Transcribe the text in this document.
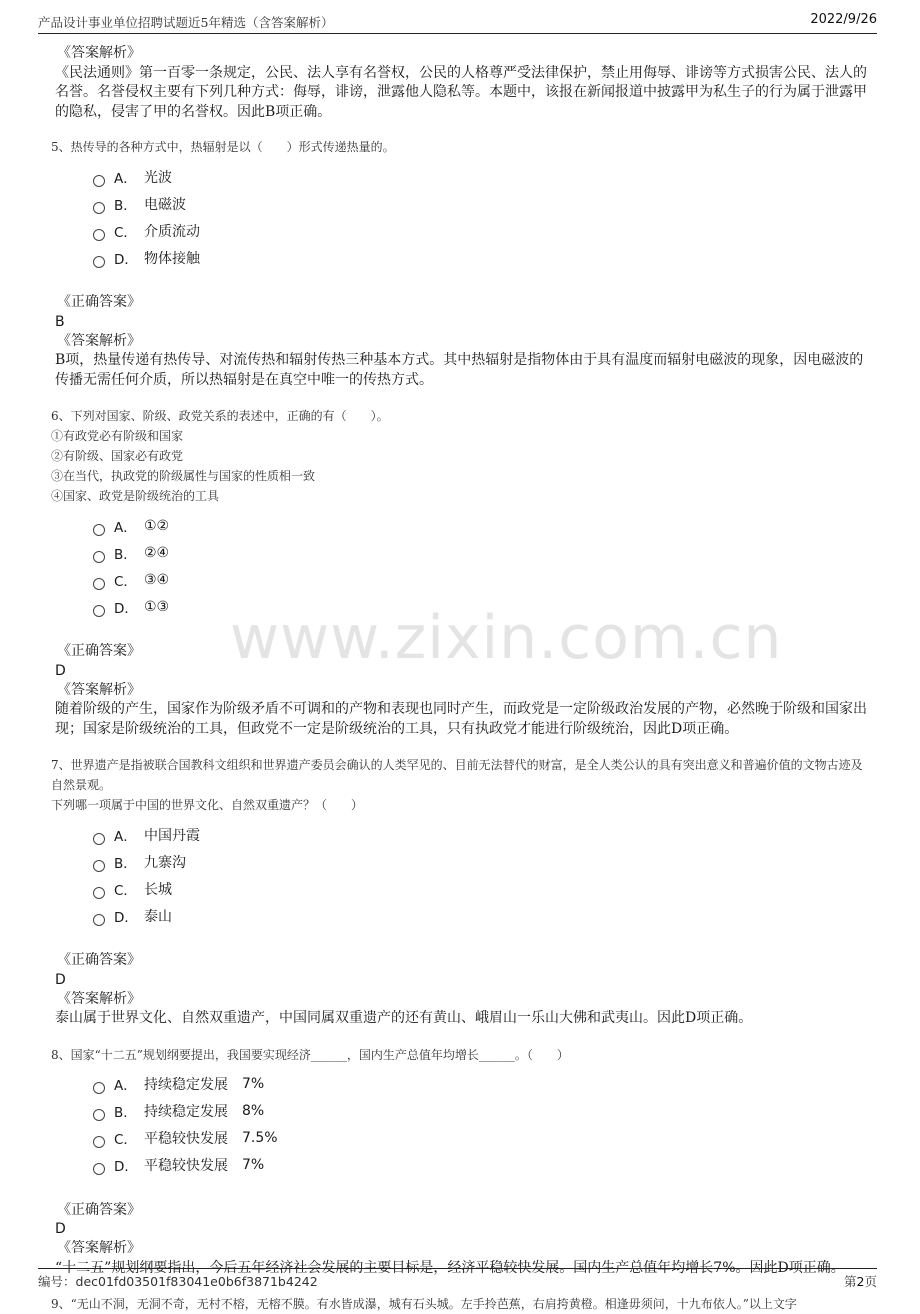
产品设计事业单位招聘试题近5年精选（含答案解析）	2022/9/26
www.zixin.com.cn

《答案解析》

《民法通则》第一百零一条规定，公民、法人享有名誉权，公民的人格尊严受法律保护，禁止用侮辱、诽谤等方式损害公民、法人的名誉。名誉侵权主要有下列几种方式：侮辱，诽谤，泄露他人隐私等。本题中，该报在新闻报道中披露甲为私生子的行为属于泄露甲的隐私，侵害了甲的名誉权。因此B项正确。

5、热传导的各种方式中，热辐射是以（　　）形式传递热量的。

A． 光波
B． 电磁波
C． 介质流动
D． 物体接触

《正确答案》

B

《答案解析》

B项，热量传递有热传导、对流传热和辐射传热三种基本方式。其中热辐射是指物体由于具有温度而辐射电磁波的现象，因电磁波的传播无需任何介质，所以热辐射是在真空中唯一的传热方式。

6、下列对国家、阶级、政党关系的表述中，正确的有（　　）。

①有政党必有阶级和国家

②有阶级、国家必有政党

③在当代，执政党的阶级属性与国家的性质相一致

④国家、政党是阶级统治的工具

A． ①②
B． ②④
C． ③④
D． ①③

《正确答案》

D

《答案解析》

随着阶级的产生，国家作为阶级矛盾不可调和的产物和表现也同时产生，而政党是一定阶级政治发展的产物，必然晚于阶级和国家出现；国家是阶级统治的工具，但政党不一定是阶级统治的工具，只有执政党才能进行阶级统治，因此D项正确。

7、世界遗产是指被联合国教科文组织和世界遗产委员会确认的人类罕见的、目前无法替代的财富，是全人类公认的具有突出意义和普遍价值的文物古迹及自然景观。

下列哪一项属于中国的世界文化、自然双重遗产？（　　）

A． 中国丹霞
B． 九寨沟
C． 长城
D． 泰山

《正确答案》

D

《答案解析》

泰山属于世界文化、自然双重遗产，中国同属双重遗产的还有黄山、峨眉山一乐山大佛和武夷山。因此D项正确。

8、国家“十二五”规划纲要提出，我国要实现经济______，国内生产总值年均增长______。（　　）

A． 持续稳定发展 7%
B． 持续稳定发展 8%
C． 平稳较快发展 7.5%
D． 平稳较快发展 7%

《正确答案》

D

《答案解析》

“十二五”规划纲要指出，今后五年经济社会发展的主要目标是，经济平稳较快发展。国内生产总值年均增长7%。因此D项正确。

9、“无山不洞，无洞不奇，无村不榕，无榕不膜。有水皆成瀑，城有石头城。左手拎芭蕉，右肩挎黄橙。相逢毋须问，十九布依人。”以上文字

编号：dec01fd03501f83041e0b6f3871b4242	第2页
